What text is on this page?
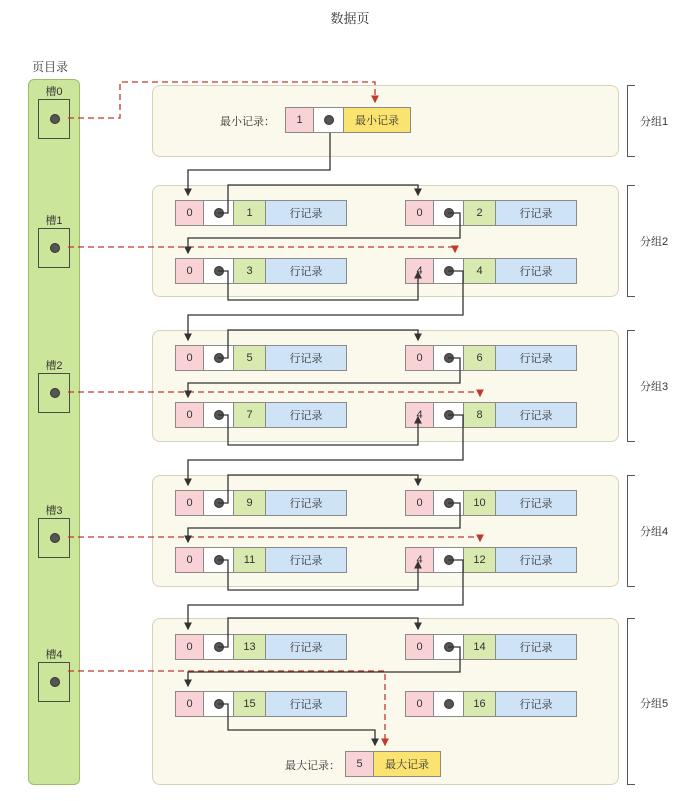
数据页
页目录
槽0
槽1
槽2
槽3
槽4
分组1
分组2
分组3
分组4
分组5
最小记录：	1	最小记录
最大记录：	5	最大记录
0	1	行记录	0	2	行记录
0	3	行记录	4	4	行记录
0	5	行记录	0	6	行记录
0	7	行记录	4	8	行记录
0	9	行记录	0	10	行记录
0	11	行记录	4	12	行记录
0	13	行记录	0	14	行记录
0	15	行记录	0	16	行记录
